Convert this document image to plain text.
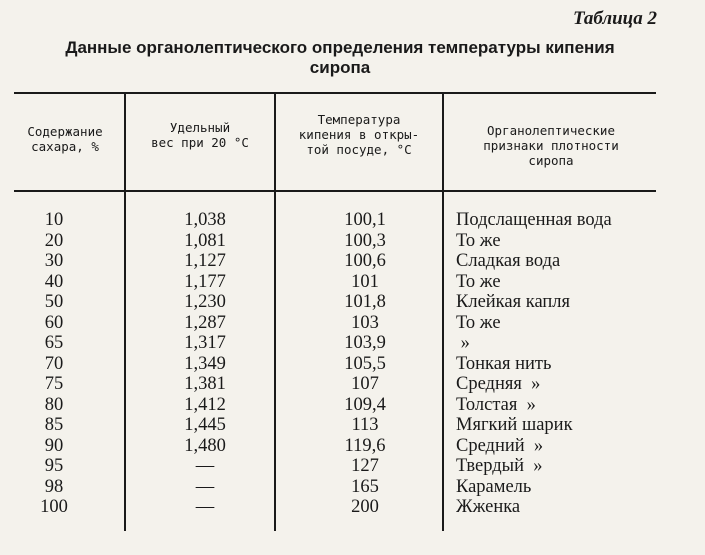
Таблица 2
Данные органолептического определения температуры кипения
сиропа
Содержание
сахара, %
Удельный
вес при 20 °С
Температура
кипения в откры-
той посуде, °С
Органолептические
признаки плотности
сиропа
10
20
30
40
50
60
65
70
75
80
85
90
95
98
100
1,038
1,081
1,127
1,177
1,230
1,287
1,317
1,349
1,381
1,412
1,445
1,480
—
—
—
100,1
100,3
100,6
101
101,8
103
103,9
105,5
107
109,4
113
119,6
127
165
200
Подслащенная вода
То же
Сладкая вода
То же
Клейкая капля
То же
»
Тонкая нить
Средняя  »
Толстая  »
Мягкий шарик
Средний  »
Твердый  »
Карамель
Жженка
